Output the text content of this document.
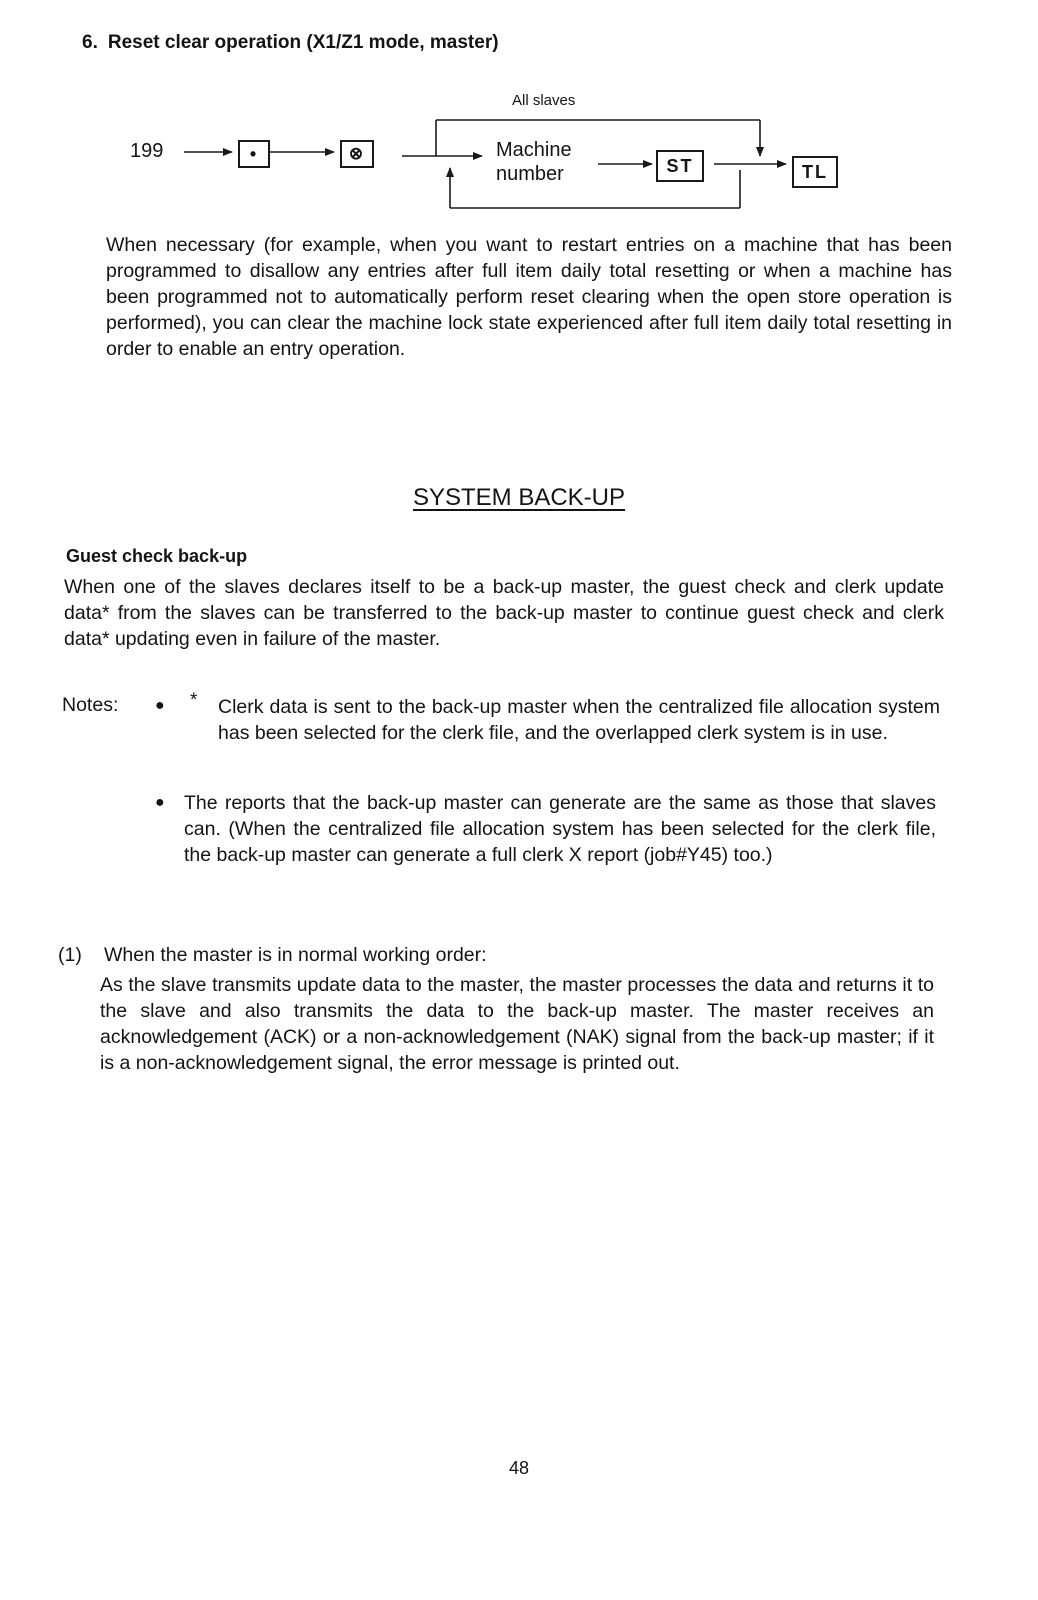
6. Reset clear operation (X1/Z1 mode, master)
All slaves
199	•	⊗	Machine
number	ST	TL
When necessary (for example, when you want to restart entries on a machine that has been programmed to disallow any entries after full item daily total resetting or when a machine has been programmed not to automatically perform reset clearing when the open store operation is performed), you can clear the machine lock state experienced after full item daily total resetting in order to enable an entry operation.
SYSTEM BACK-UP
Guest check back-up
When one of the slaves declares itself to be a back-up master, the guest check and clerk update data* from the slaves can be transferred to the back-up master to continue guest check and clerk data* updating even in failure of the master.
Notes: ● * Clerk data is sent to the back-up master when the centralized file allocation system has been selected for the clerk file, and the overlapped clerk system is in use.
● The reports that the back-up master can generate are the same as those that slaves can. (When the centralized file allocation system has been selected for the clerk file, the back-up master can generate a full clerk X report (job#Y45) too.)
(1) When the master is in normal working order:
As the slave transmits update data to the master, the master processes the data and returns it to the slave and also transmits the data to the back-up master. The master receives an acknowledgement (ACK) or a non-acknowledgement (NAK) signal from the back-up master; if it is a non-acknowledgement signal, the error message is printed out.
48
